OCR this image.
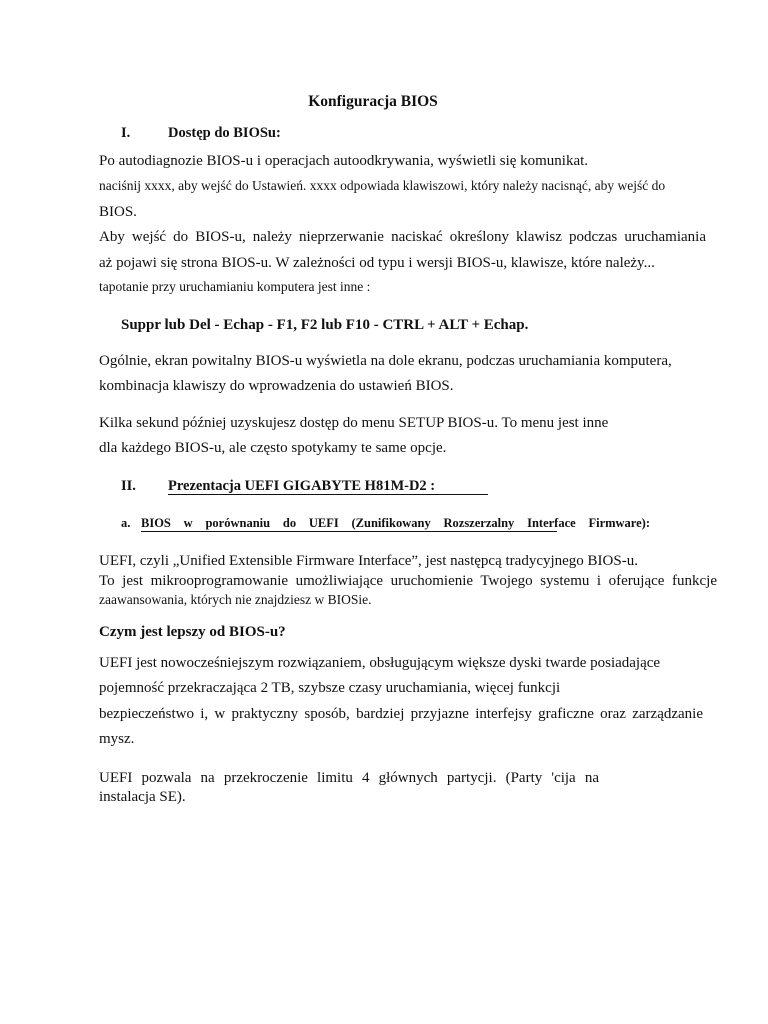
Konfiguracja BIOS
I.	Dostęp do BIOSu:
Po autodiagnozie BIOS-u i operacjach autoodkrywania, wyświetli się komunikat.
naciśnij xxxx, aby wejść do Ustawień. xxxx odpowiada klawiszowi, który należy nacisnąć, aby wejść do
BIOS.
Aby wejść do BIOS-u, należy nieprzerwanie naciskać określony klawisz podczas uruchamiania
aż pojawi się strona BIOS-u. W zależności od typu i wersji BIOS-u, klawisze, które należy...
tapotanie przy uruchamianiu komputera jest inne :
Suppr lub Del - Echap - F1, F2 lub F10 - CTRL + ALT + Echap.
Ogólnie, ekran powitalny BIOS-u wyświetla na dole ekranu, podczas uruchamiania komputera,
kombinacja klawiszy do wprowadzenia do ustawień BIOS.
Kilka sekund później uzyskujesz dostęp do menu SETUP BIOS-u. To menu jest inne
dla każdego BIOS-u, ale często spotykamy te same opcje.
II. Prezentacja UEFI GIGABYTE H81M-D2 :
a. BIOS w porównaniu do UEFI (Zunifikowany Rozszerzalny Interface Firmware):
UEFI, czyli „Unified Extensible Firmware Interface”, jest następcą tradycyjnego BIOS-u.
To jest mikrooprogramowanie umożliwiające uruchomienie Twojego systemu i oferujące funkcje
zaawansowania, których nie znajdziesz w BIOSie.
Czym jest lepszy od BIOS-u?
UEFI jest nowocześniejszym rozwiązaniem, obsługującym większe dyski twarde posiadające
pojemność przekraczająca 2 TB, szybsze czasy uruchamiania, więcej funkcji
bezpieczeństwo i, w praktyczny sposób, bardziej przyjazne interfejsy graficzne oraz zarządzanie
mysz.
UEFI pozwala na przekroczenie limitu 4 głównych partycji. (Party 'cija na
instalacja SE).
